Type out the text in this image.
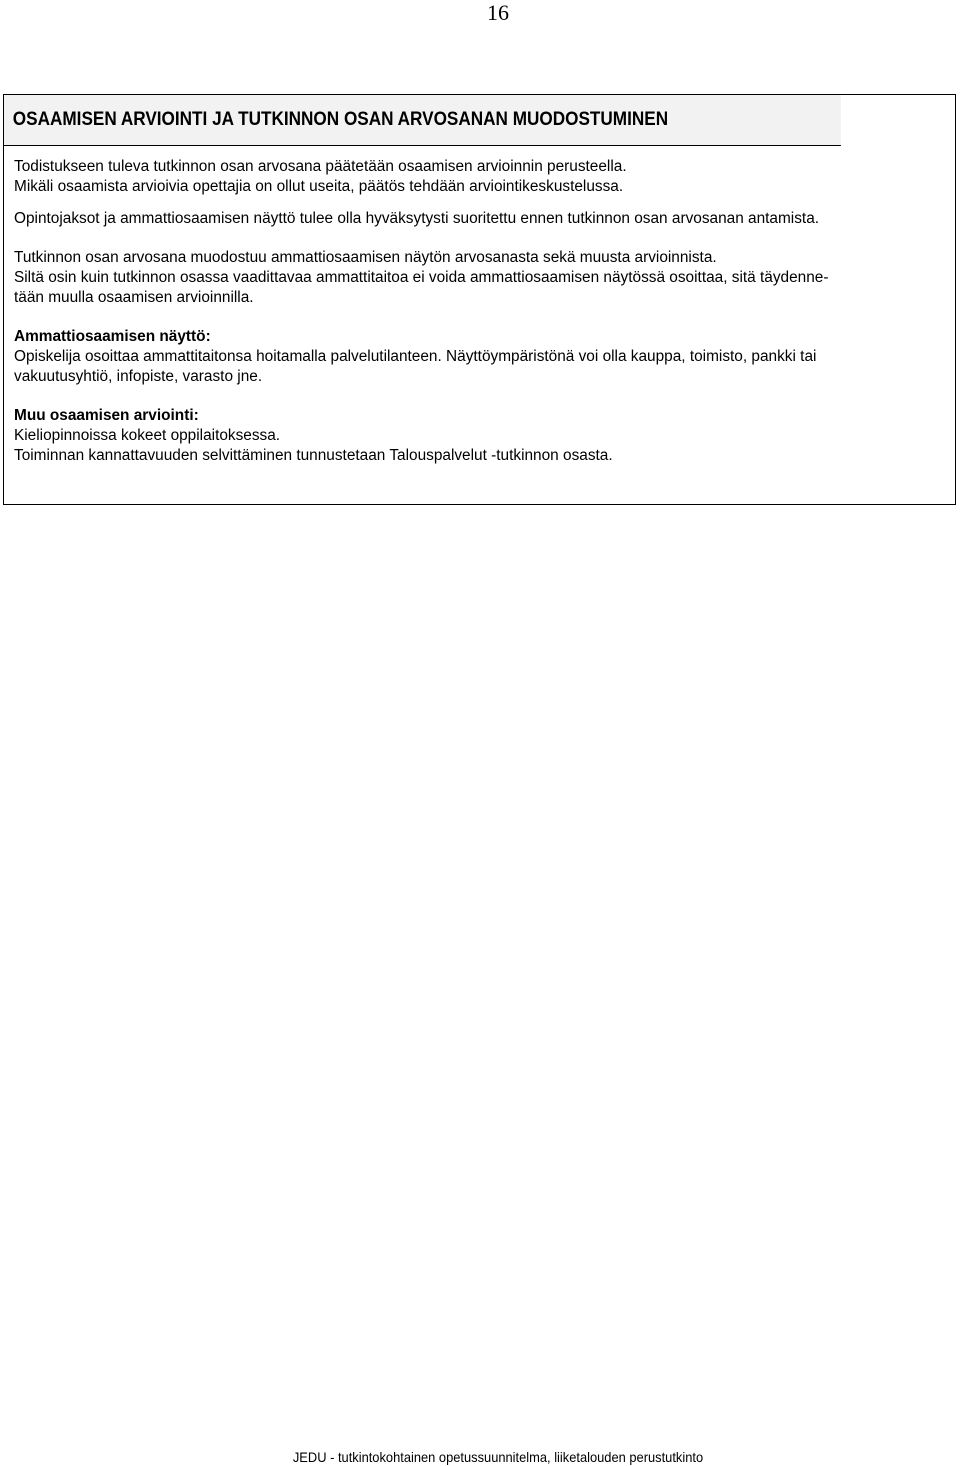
16
OSAAMISEN ARVIOINTI JA TUTKINNON OSAN ARVOSANAN MUODOSTUMINEN

Todistukseen tuleva tutkinnon osan arvosana päätetään osaamisen arvioinnin perusteella.
Mikäli osaamista arvioivia opettajia on ollut useita, päätös tehdään arviointikeskustelussa.

Opintojaksot ja ammattiosaamisen näyttö tulee olla hyväksytysti suoritettu ennen tutkinnon osan arvosanan antamista.

Tutkinnon osan arvosana muodostuu ammattiosaamisen näytön arvosanasta sekä muusta arvioinnista.
Siltä osin kuin tutkinnon osassa vaadittavaa ammattitaitoa ei voida ammattiosaamisen näytössä osoittaa, sitä täydenne-
tään muulla osaamisen arvioinnilla.

Ammattiosaamisen näyttö:
Opiskelija osoittaa ammattitaitonsa hoitamalla palvelutilanteen. Näyttöympäristönä voi olla kauppa, toimisto, pankki tai
vakuutusyhtiö, infopiste, varasto jne.

Muu osaamisen arviointi:
Kieliopinnoissa kokeet oppilaitoksessa.
Toiminnan kannattavuuden selvittäminen tunnustetaan Talouspalvelut -tutkinnon osasta.

JEDU - tutkintokohtainen opetussuunnitelma, liiketalouden perustutkinto
